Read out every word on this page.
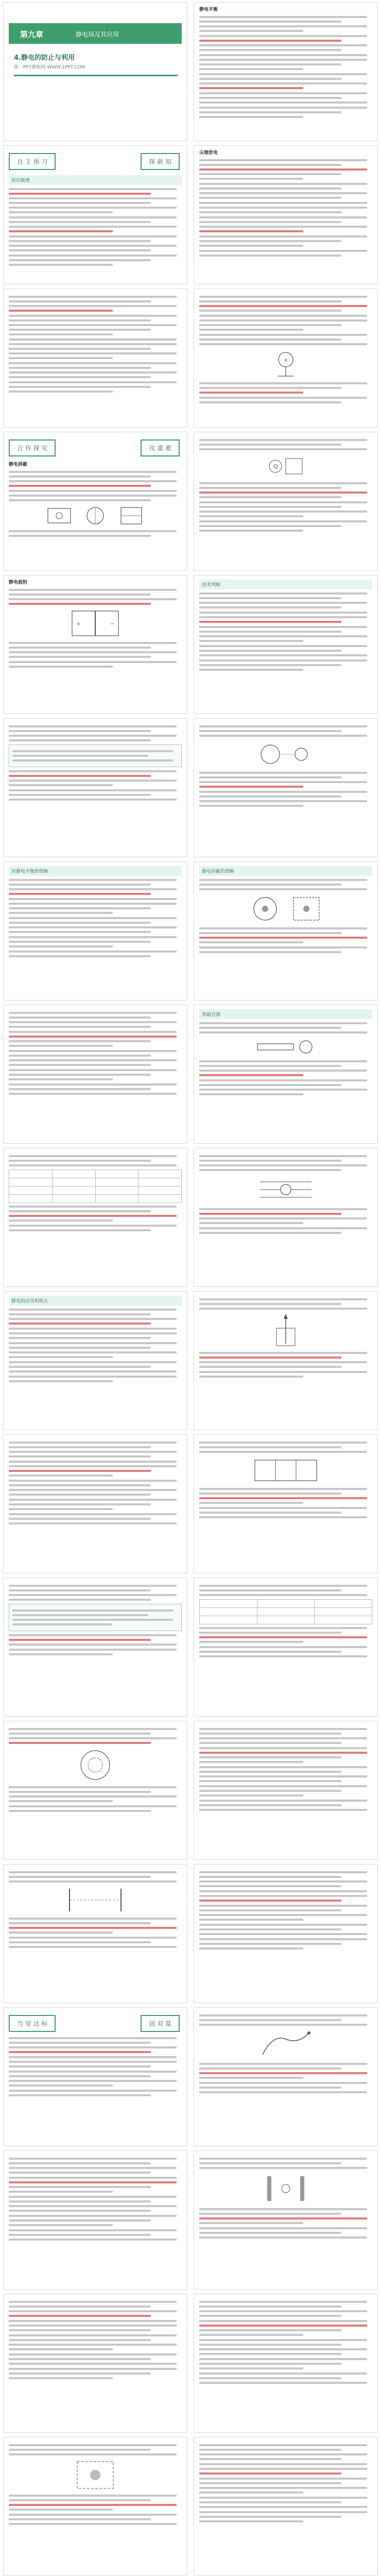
第九章	静电场及其应用
4.静电的防止与利用
第一PPT模板网-WWW.1PPT.COM
静电平衡
自 主 预 习	探 新 知
知识梳理
尖端放电
+
合 作 探 究	攻 重 难
静电屏蔽	Q
静电吸附
+	−
思考判断
对静电平衡的理解	静电屏蔽的理解
基础自测

静电的应用和防止

当 堂 达 标	固 双 基
